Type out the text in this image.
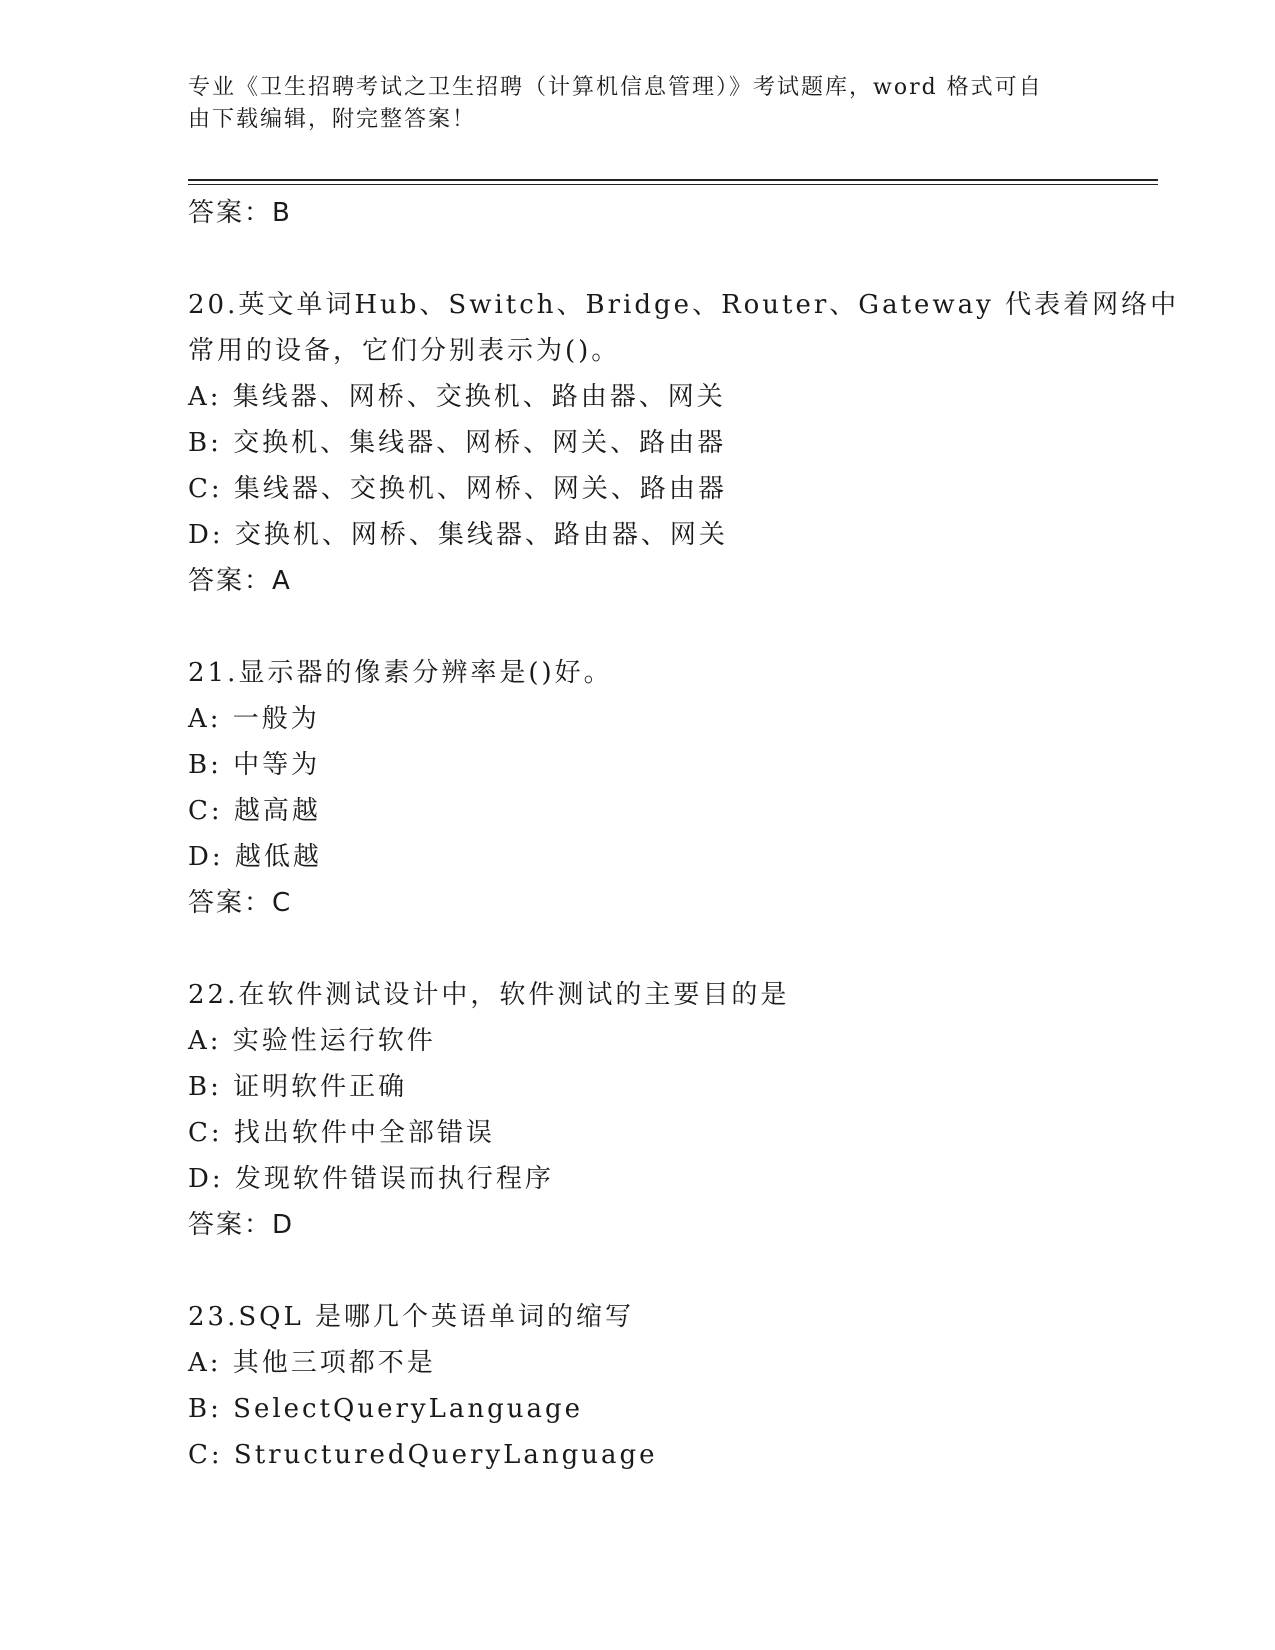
专业《卫生招聘考试之卫生招聘（计算机信息管理）》考试题库，word 格式可自
由下载编辑，附完整答案！
答案：B
20.英文单词Hub、Switch、Bridge、Router、Gateway 代表着网络中
常用的设备，它们分别表示为()。
A: 集线器、网桥、交换机、路由器、网关
B: 交换机、集线器、网桥、网关、路由器
C: 集线器、交换机、网桥、网关、路由器
D: 交换机、网桥、集线器、路由器、网关
答案：A
21.显示器的像素分辨率是()好。
A: 一般为
B: 中等为
C: 越高越
D: 越低越
答案：C
22.在软件测试设计中，软件测试的主要目的是
A: 实验性运行软件
B: 证明软件正确
C: 找出软件中全部错误
D: 发现软件错误而执行程序
答案：D
23.SQL 是哪几个英语单词的缩写
A: 其他三项都不是
B: SelectQueryLanguage
C: StructuredQueryLanguage
